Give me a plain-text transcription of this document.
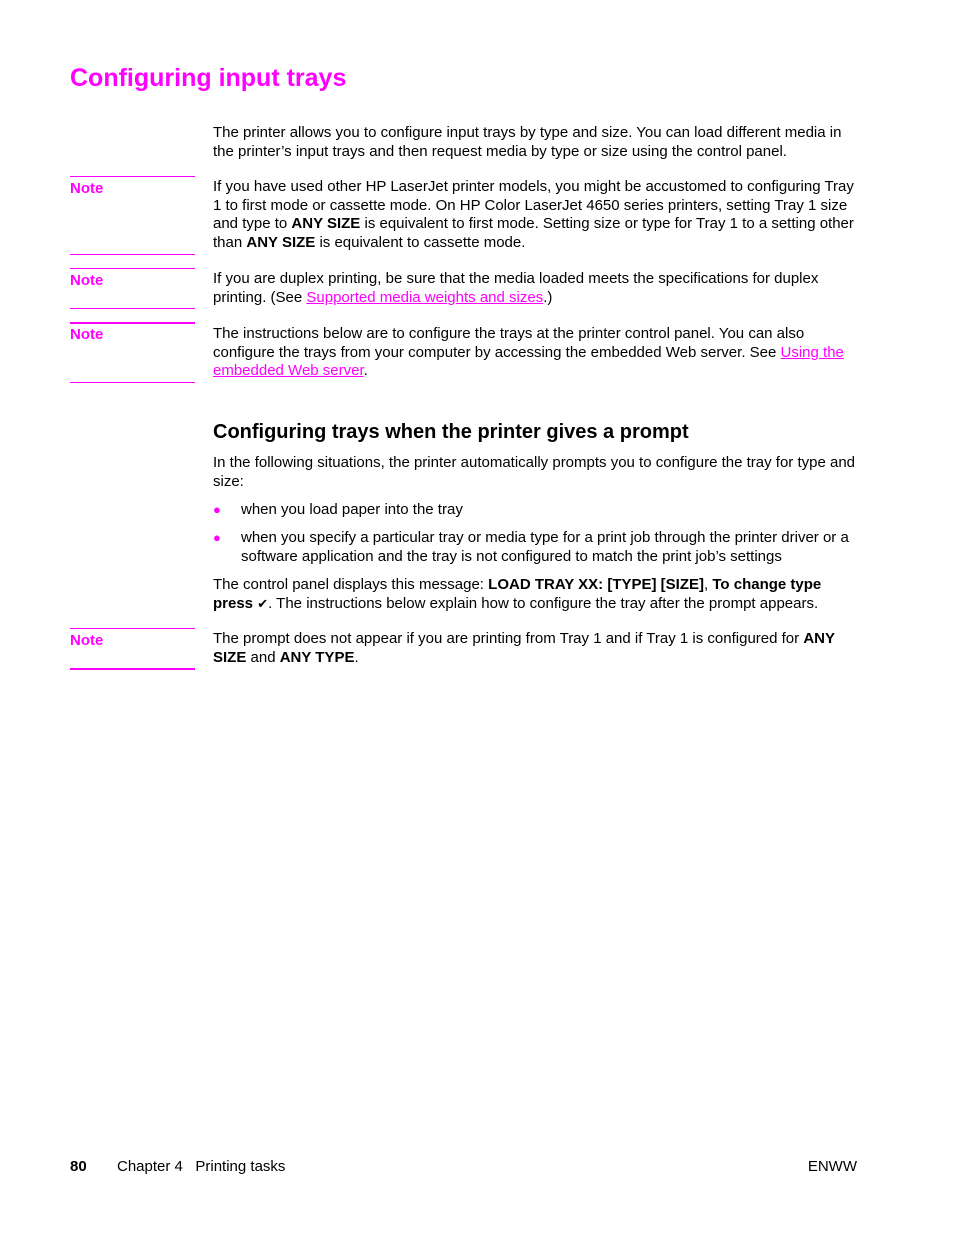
Configuring input trays

The printer allows you to configure input trays by type and size. You can load different media in the printer’s input trays and then request media by type or size using the control panel.

Note	If you have used other HP LaserJet printer models, you might be accustomed to configuring Tray 1 to first mode or cassette mode. On HP Color LaserJet 4650 series printers, setting Tray 1 size and type to ANY SIZE is equivalent to first mode. Setting size or type for Tray 1 to a setting other than ANY SIZE is equivalent to cassette mode.

Note	If you are duplex printing, be sure that the media loaded meets the specifications for duplex printing. (See Supported media weights and sizes.)

Note	The instructions below are to configure the trays at the printer control panel. You can also configure the trays from your computer by accessing the embedded Web server. See Using the embedded Web server.

Configuring trays when the printer gives a prompt

In the following situations, the printer automatically prompts you to configure the tray for type and size:

● when you load paper into the tray
● when you specify a particular tray or media type for a print job through the printer driver or a software application and the tray is not configured to match the print job’s settings

The control panel displays this message: LOAD TRAY XX: [TYPE] [SIZE], To change type press ✔. The instructions below explain how to configure the tray after the prompt appears.

Note	The prompt does not appear if you are printing from Tray 1 and if Tray 1 is configured for ANY SIZE and ANY TYPE.

80 Chapter 4   Printing tasks	ENWW
